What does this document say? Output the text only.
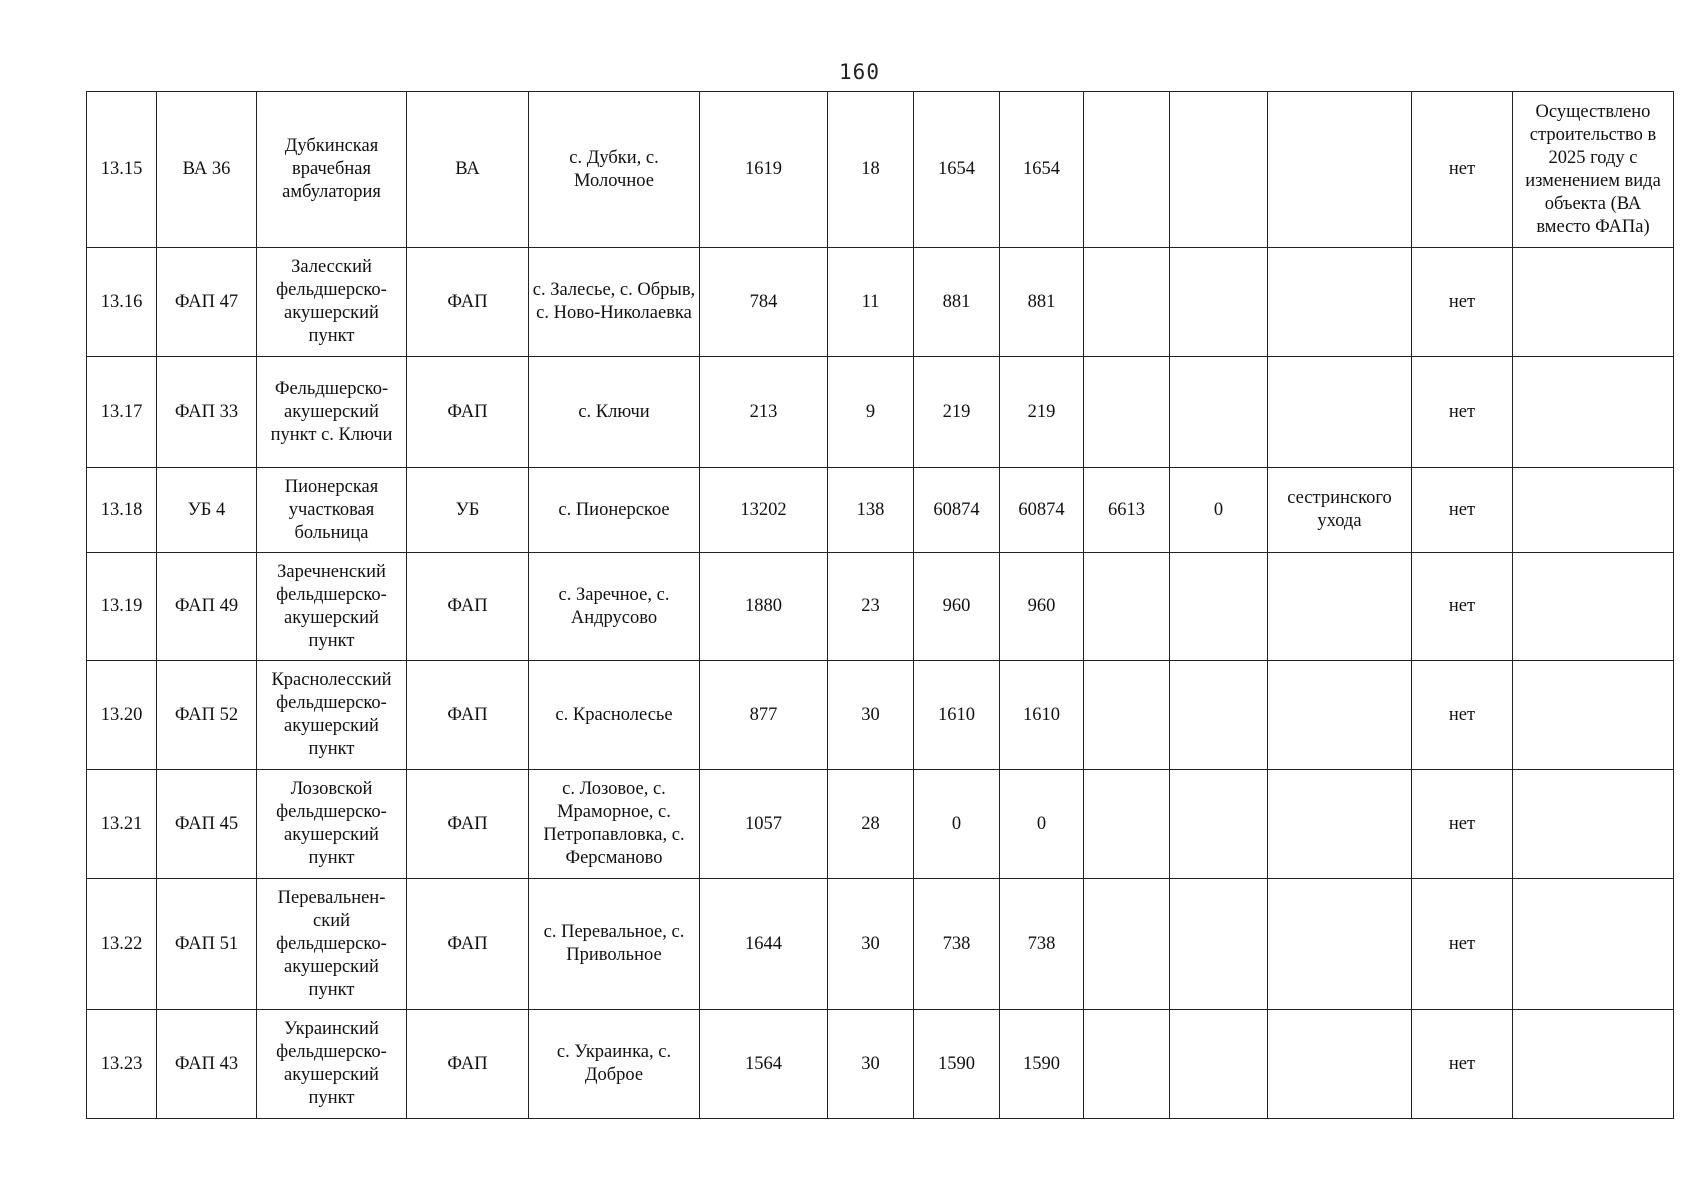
160
13.15	ВА 36	Дубкинская врачебная амбулатория	ВА	с. Дубки, с. Молочное	1619	18	1654	1654				нет	Осуществлено строительство в 2025 году с изменением вида объекта (ВА вместо ФАПа)
13.16	ФАП 47	Залесский фельдшерско-акушерский пункт	ФАП	с. Залесье, с. Обрыв, с. Ново-Николаевка	784	11	881	881				нет	
13.17	ФАП 33	Фельдшерско-акушерский пункт с. Ключи	ФАП	с. Ключи	213	9	219	219				нет	
13.18	УБ 4	Пионерская участковая больница	УБ	с. Пионерское	13202	138	60874	60874	6613	0	сестринского ухода	нет	
13.19	ФАП 49	Заречненский фельдшерско-акушерский пункт	ФАП	с. Заречное, с. Андрусово	1880	23	960	960				нет	
13.20	ФАП 52	Краснолесский фельдшерско-акушерский пункт	ФАП	с. Краснолесье	877	30	1610	1610				нет	
13.21	ФАП 45	Лозовской фельдшерско-акушерский пункт	ФАП	с. Лозовое, с. Мраморное, с. Петропавловка, с. Ферсманово	1057	28	0	0				нет	
13.22	ФАП 51	Перевальнен-ский фельдшерско-акушерский пункт	ФАП	с. Перевальное, с. Привольное	1644	30	738	738				нет	
13.23	ФАП 43	Украинский фельдшерско-акушерский пункт	ФАП	с. Украинка, с. Доброе	1564	30	1590	1590				нет	
